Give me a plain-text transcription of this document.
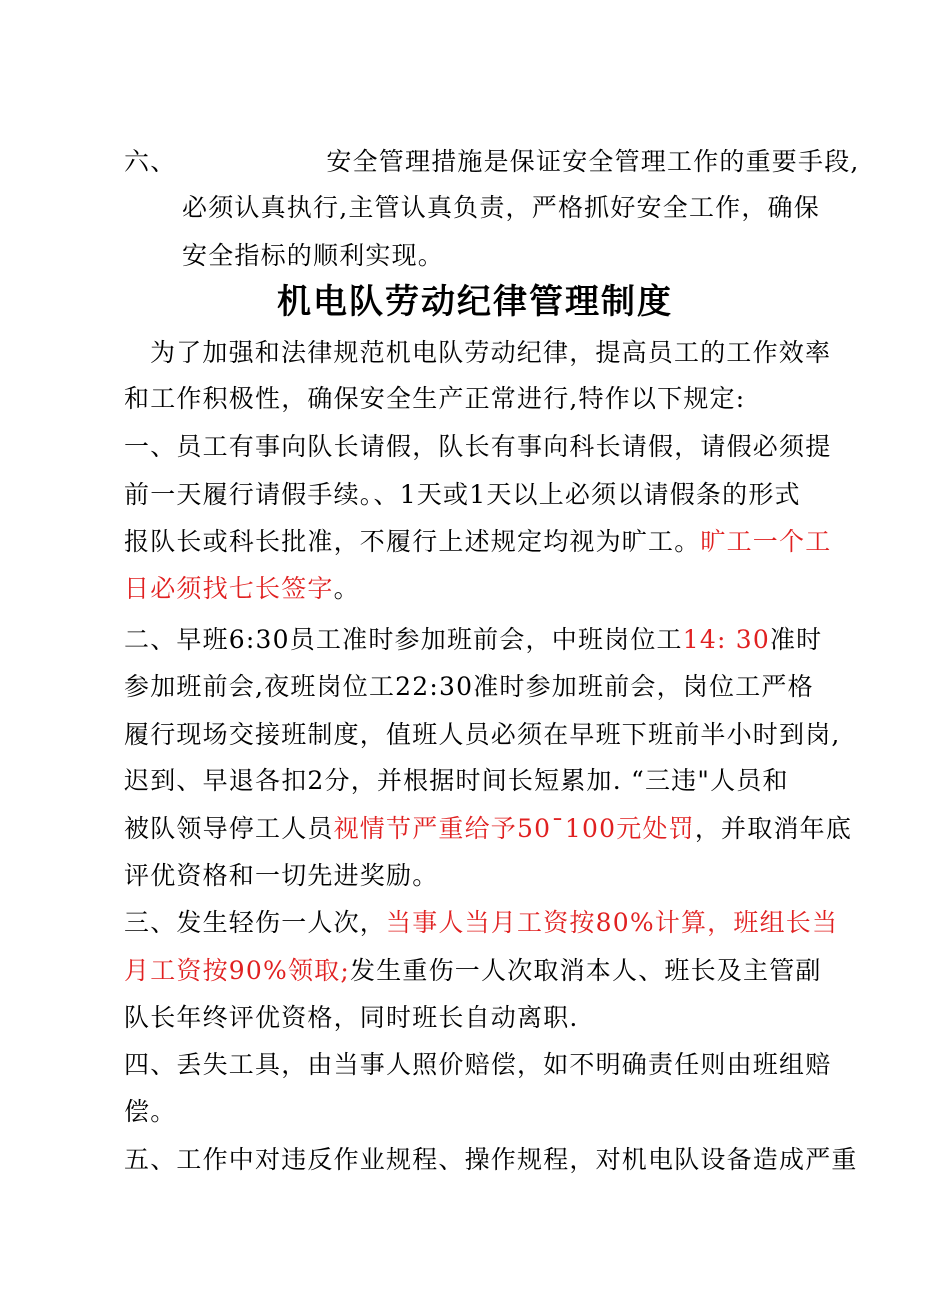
六、	安全管理措施是保证安全管理工作的重要手段,
必须认真执行,主管认真负责，严格抓好安全工作，确保
安全指标的顺利实现。
机电队劳动纪律管理制度
为了加强和法律规范机电队劳动纪律，提高员工的工作效率
和工作积极性，确保安全生产正常进行,特作以下规定:
一、员工有事向队长请假，队长有事向科长请假，请假必须提
前一天履行请假手续。、1天或1天以上必须以请假条的形式
报队长或科长批准，不履行上述规定均视为旷工。旷工一个工
日必须找七长签字。
二、早班6:30员工准时参加班前会，中班岗位工14: 30准时
参加班前会,夜班岗位工22:30准时参加班前会，岗位工严格
履行现场交接班制度，值班人员必须在早班下班前半小时到岗,
迟到、早退各扣2分，并根据时间长短累加. “三违"人员和
被队领导停工人员视情节严重给予50¯100元处罚，并取消年底
评优资格和一切先进奖励。
三、发生轻伤一人次，当事人当月工资按80%计算，班组长当
月工资按90%领取;发生重伤一人次取消本人、班长及主管副
队长年终评优资格，同时班长自动离职.
四、丢失工具，由当事人照价赔偿，如不明确责任则由班组赔
偿。
五、工作中对违反作业规程、操作规程，对机电队设备造成严重
